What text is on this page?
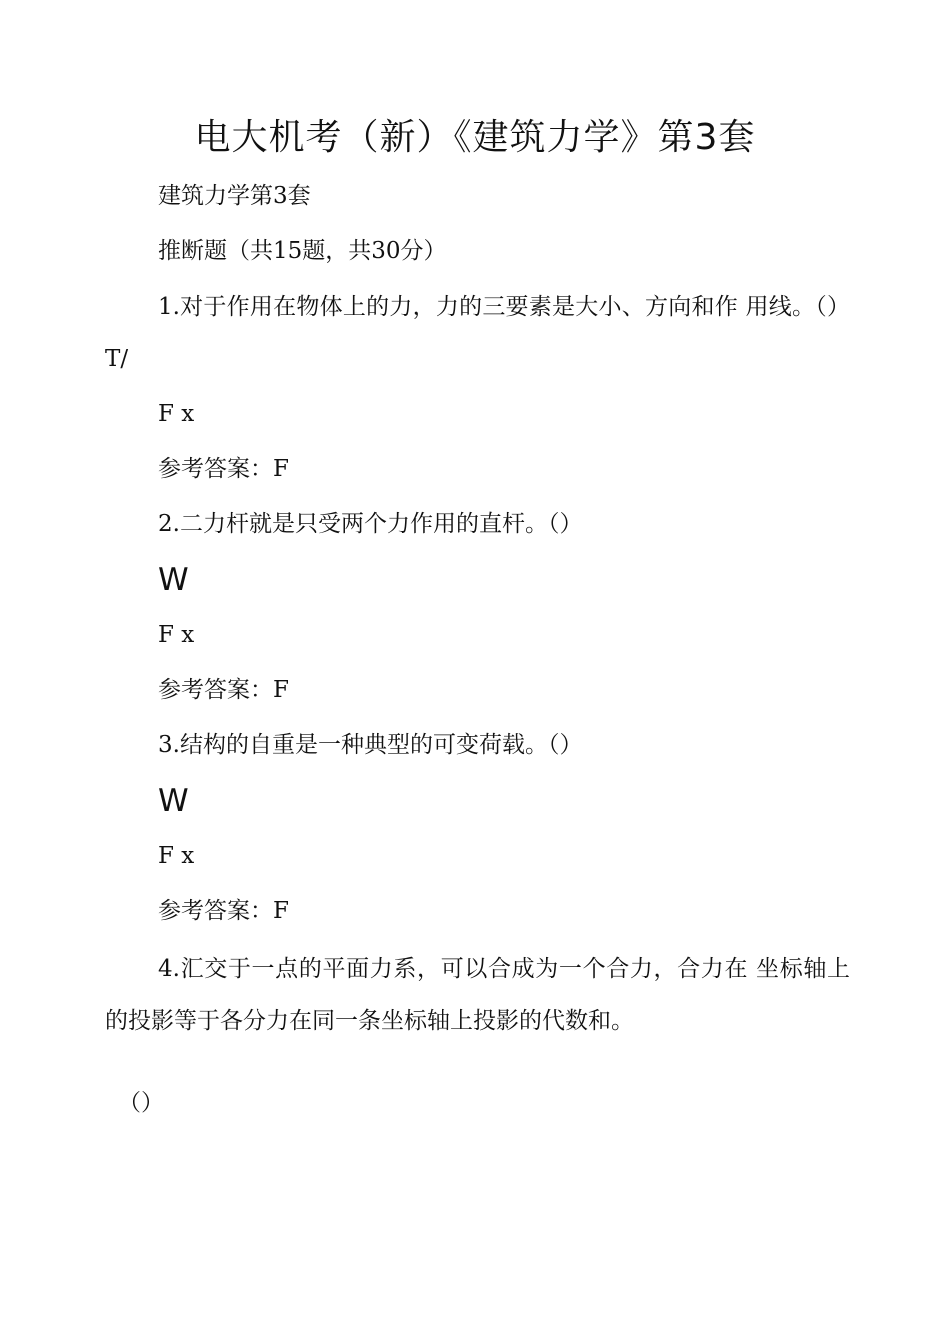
电大机考（新）《建筑力学》第3套
建筑力学第3套
推断题（共15题，共30分）
1.对于作用在物体上的力，力的三要素是大小、方向和作 用线。（）T/
F x
参考答案：F
2.二力杆就是只受两个力作用的直杆。（）
W
F x
参考答案：F
3.结构的自重是一种典型的可变荷载。（）
W
F x
参考答案：F
4.汇交于一点的平面力系，可以合成为一个合力，合力在 坐标轴上的投影等于各分力在同一条坐标轴上投影的代数和。
（）
